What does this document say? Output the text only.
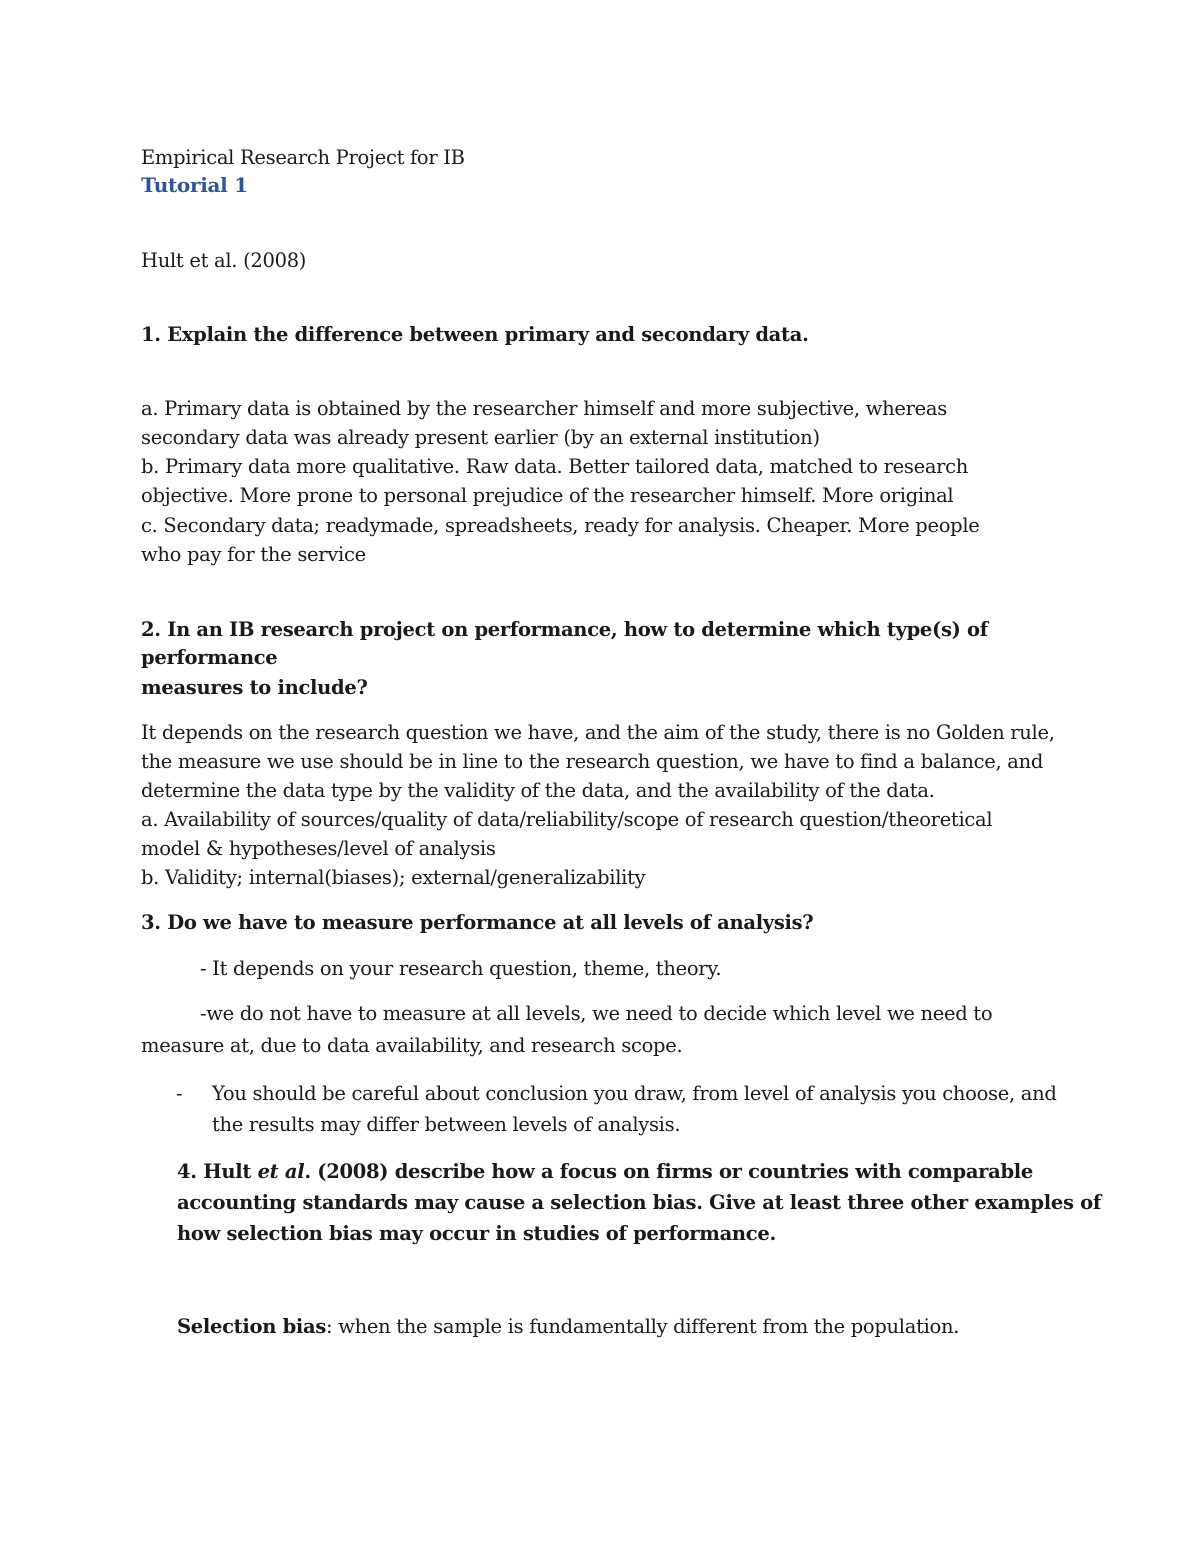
Empirical Research Project for IB
Tutorial 1
Hult et al. (2008)
1. Explain the difference between primary and secondary data.
a. Primary data is obtained by the researcher himself and more subjective, whereas
secondary data was already present earlier (by an external institution)
b. Primary data more qualitative. Raw data. Better tailored data, matched to research
objective. More prone to personal prejudice of the researcher himself. More original
c. Secondary data; readymade, spreadsheets, ready for analysis. Cheaper. More people
who pay for the service
2. In an IB research project on performance, how to determine which type(s) of
performance
measures to include?
It depends on the research question we have, and the aim of the study, there is no Golden rule,
the measure we use should be in line to the research question, we have to find a balance, and
determine the data type by the validity of the data, and the availability of the data.
a. Availability of sources/quality of data/reliability/scope of research question/theoretical
model & hypotheses/level of analysis
b. Validity; internal(biases); external/generalizability
3. Do we have to measure performance at all levels of analysis?
- It depends on your research question, theme, theory.
-we do not have to measure at all levels, we need to decide which level we need to
measure at, due to data availability, and research scope.
- You should be careful about conclusion you draw, from level of analysis you choose, and
the results may differ between levels of analysis.
4. Hult et al. (2008) describe how a focus on firms or countries with comparable
accounting standards may cause a selection bias. Give at least three other examples of
how selection bias may occur in studies of performance.
Selection bias: when the sample is fundamentally different from the population.
